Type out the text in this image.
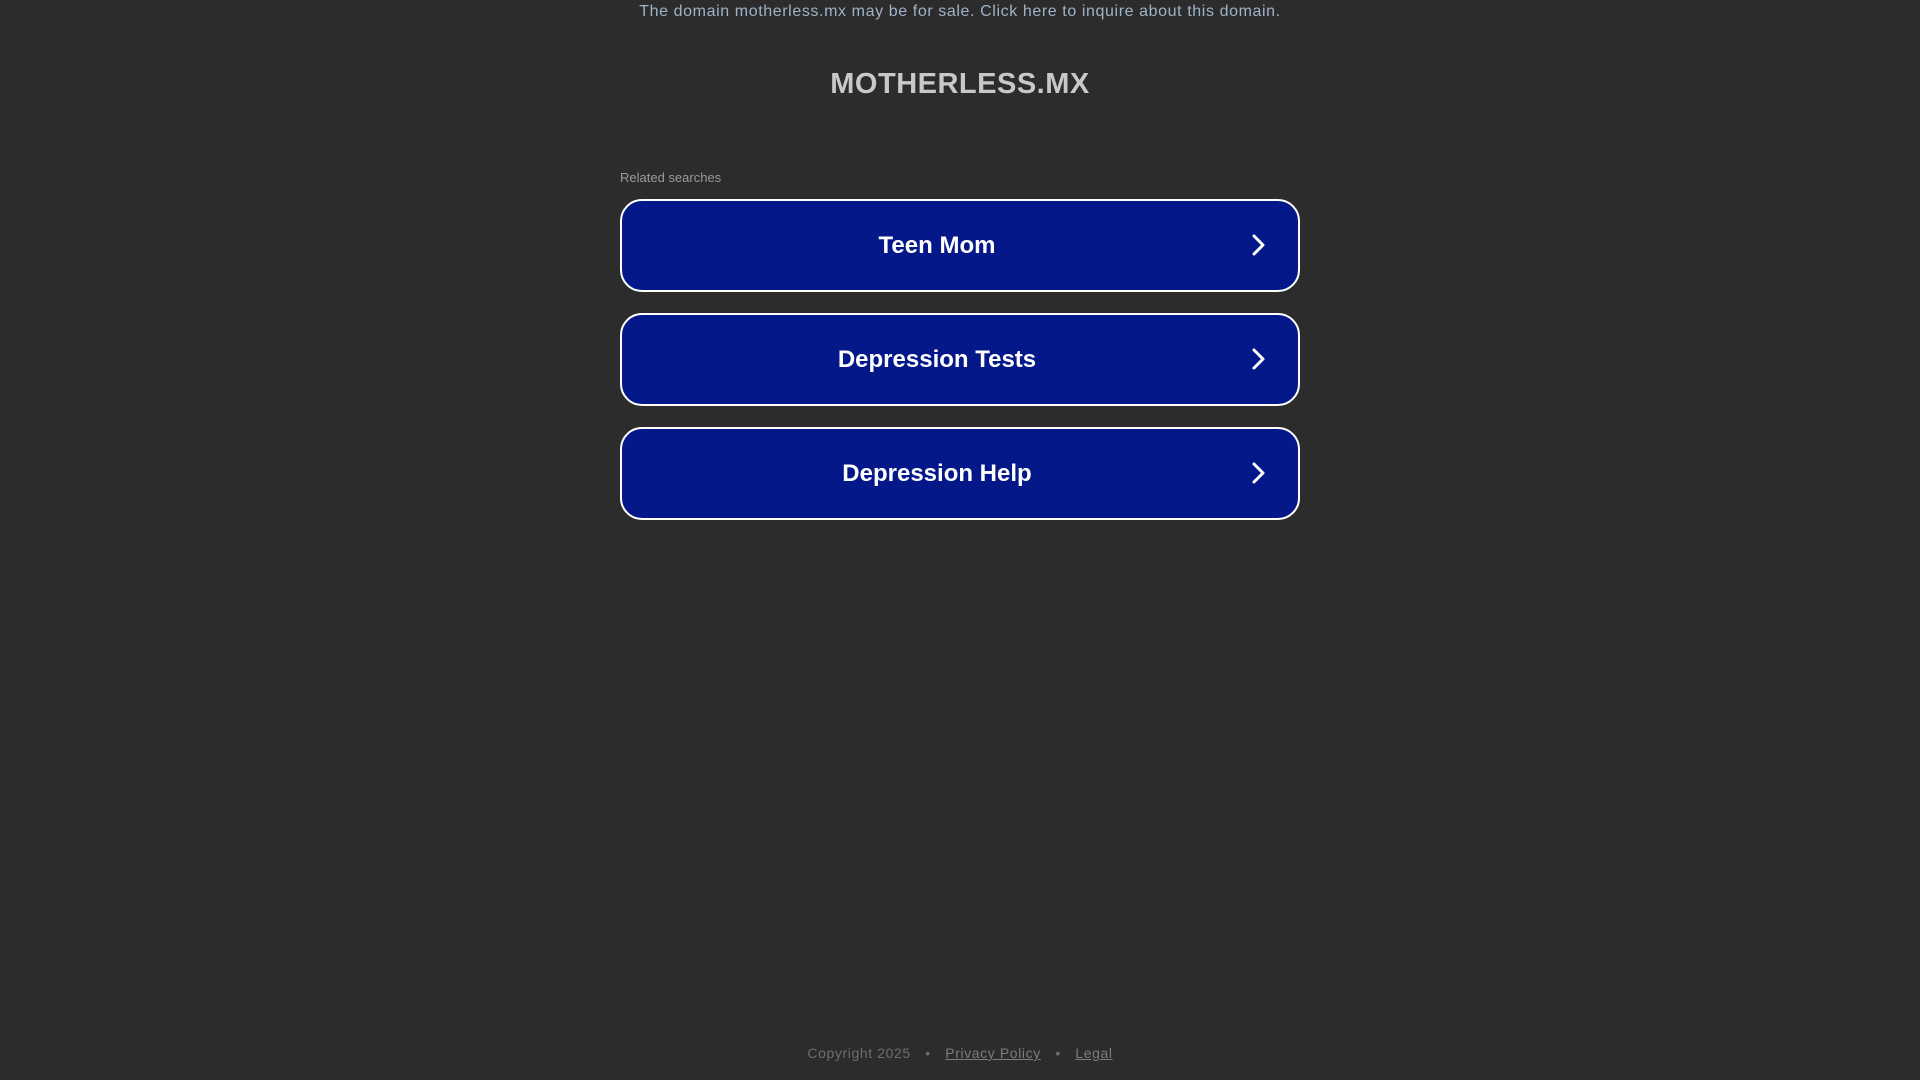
The domain motherless.mx may be for sale. Click here to inquire about this domain.
MOTHERLESS.MX
Related searches
Teen Mom
Depression Tests
Depression Help
Copyright 2025 • Privacy Policy • Legal
